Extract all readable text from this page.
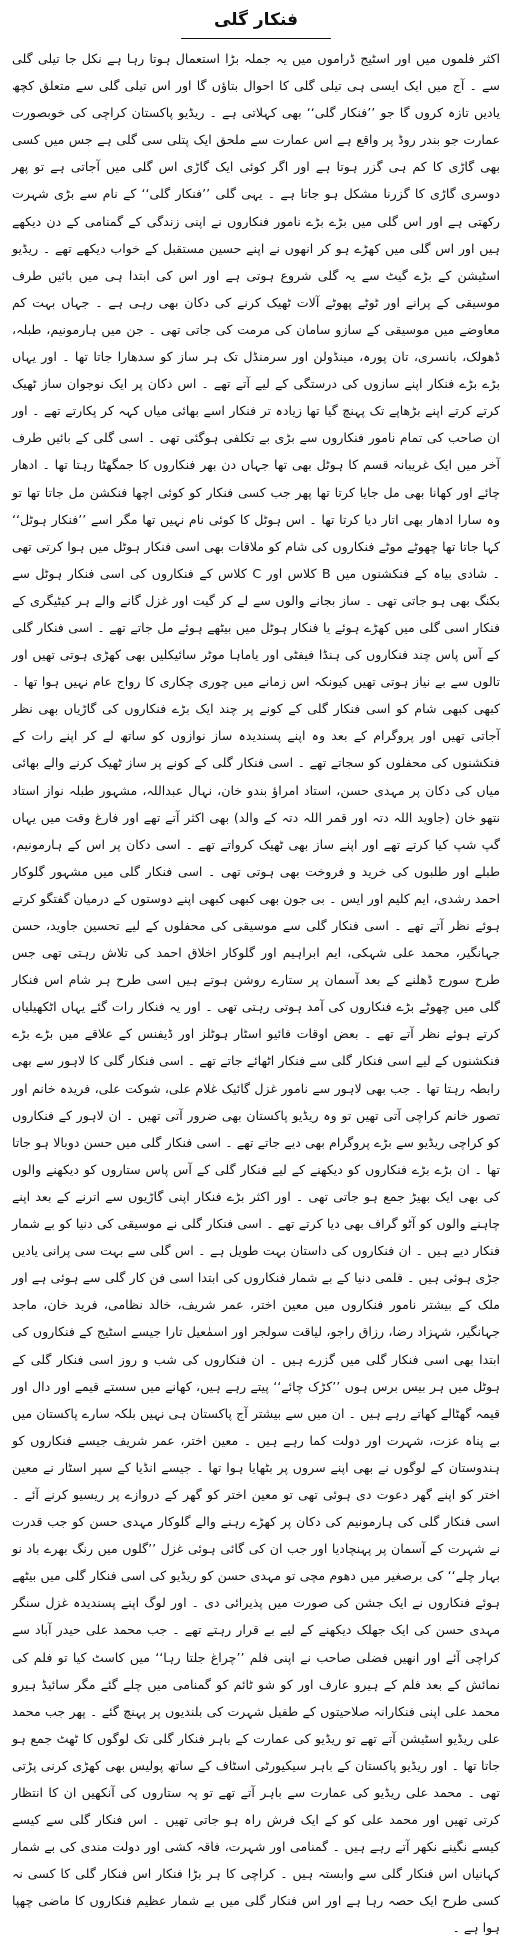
فنکار گلی

اکثر فلموں میں اور اسٹیج ڈراموں میں یہ جملہ بڑا استعمال ہوتا رہا ہے نکل جا تیلی گلی سے ۔ آج میں ایک ایسی ہی تیلی گلی کا احوال بتاؤں گا اور اس تیلی گلی سے متعلق کچھ یادیں تازہ کروں گا جو ’’فنکار گلی‘‘ بھی کہلاتی ہے ۔ ریڈیو پاکستان کراچی کی خوبصورت عمارت جو بندر روڈ پر واقع ہے اس عمارت سے ملحق ایک پتلی سی گلی ہے جس میں کسی بھی گاڑی کا کم ہی گزر ہوتا ہے اور اگر کوئی ایک گاڑی اس گلی میں آجاتی ہے تو پھر دوسری گاڑی کا گزرنا مشکل ہو جاتا ہے ۔ یہی گلی ’’فنکار گلی‘‘ کے نام سے بڑی شہرت رکھتی ہے اور اس گلی میں بڑے بڑے نامور فنکاروں نے اپنی زندگی کے گمنامی کے دن دیکھے ہیں اور اس گلی میں کھڑے ہو کر انھوں نے اپنے حسین مستقبل کے خواب دیکھے تھے ۔ ریڈیو اسٹیشن کے بڑے گیٹ سے یہ گلی شروع ہوتی ہے اور اس کی ابتدا ہی میں بائیں طرف موسیقی کے پرانے اور ٹوٹے پھوٹے آلات ٹھیک کرنے کی دکان بھی رہی ہے ۔ جہاں بہت کم معاوضے میں موسیقی کے سازو سامان کی مرمت کی جاتی تھی ۔ جن میں ہارمونیم، طبلہ، ڈھولک، بانسری، تان پورہ، مینڈولن اور سرمنڈل تک ہر ساز کو سدھارا جاتا تھا ۔ اور یہاں بڑے بڑے فنکار اپنے سازوں کی درستگی کے لیے آتے تھے ۔ اس دکان پر ایک نوجوان ساز ٹھیک کرتے کرتے اپنے بڑھاپے تک پہنچ گیا تھا زیادہ تر فنکار اسے بھائی میاں کہہ کر پکارتے تھے ۔ اور ان صاحب کی تمام نامور فنکاروں سے بڑی بے تکلفی ہوگئی تھی ۔ اسی گلی کے بائیں طرف آخر میں ایک غریبانہ قسم کا ہوٹل بھی تھا جہاں دن بھر فنکاروں کا جمگھٹا رہتا تھا ۔ ادھار چائے اور کھانا بھی مل جایا کرتا تھا پھر جب کسی فنکار کو کوئی اچھا فنکشن مل جاتا تھا تو وہ سارا ادھار بھی اتار دیا کرتا تھا ۔ اس ہوٹل کا کوئی نام نہیں تھا مگر اسے ’’فنکار ہوٹل‘‘ کہا جاتا تھا چھوٹے موٹے فنکاروں کی شام کو ملاقات بھی اسی فنکار ہوٹل میں ہوا کرتی تھی ۔ شادی بیاہ کے فنکشنوں میں B کلاس اور C کلاس کے فنکاروں کی اسی فنکار ہوٹل سے بکنگ بھی ہو جاتی تھی ۔ ساز بجانے والوں سے لے کر گیت اور غزل گانے والے ہر کیٹیگری کے فنکار اسی گلی میں کھڑے ہوئے یا فنکار ہوٹل میں بیٹھے ہوئے مل جاتے تھے ۔ اسی فنکار گلی کے آس پاس چند فنکاروں کی ہنڈا فیفٹی اور یاماہا موٹر سائیکلیں بھی کھڑی ہوتی تھیں اور تالوں سے بے نیاز ہوتی تھیں کیونکہ اس زمانے میں چوری چکاری کا رواج عام نہیں ہوا تھا ۔ کبھی کبھی شام کو اسی فنکار گلی کے کونے پر چند ایک بڑے فنکاروں کی گاڑیاں بھی نظر آجاتی تھیں اور پروگرام کے بعد وہ اپنے پسندیدہ ساز نوازوں کو ساتھ لے کر اپنے رات کے فنکشنوں کی محفلوں کو سجاتے تھے ۔ اسی فنکار گلی کے کونے پر ساز ٹھیک کرنے والے بھائی میاں کی دکان پر مہدی حسن، استاد امراؤ بندو خان، نہال عبداللہ، مشہور طبلہ نواز استاد نتھو خان (جاوید اللہ دتہ اور قمر اللہ دتہ کے والد) بھی اکثر آتے تھے اور فارغ وقت میں یہاں گپ شپ کیا کرتے تھے اور اپنے ساز بھی ٹھیک کرواتے تھے ۔ اسی دکان پر اس کے ہارمونیم، طبلے اور طلبوں کی خرید و فروخت بھی ہوتی تھی ۔ اسی فنکار گلی میں مشہور گلوکار احمد رشدی، ایم کلیم اور ایس ۔ بی جون بھی کبھی کبھی اپنے دوستوں کے درمیان گفتگو کرتے ہوئے نظر آتے تھے ۔ اسی فنکار گلی سے موسیقی کی محفلوں کے لیے تحسین جاوید، حسن جہانگیر، محمد علی شہکی، ایم ابراہیم اور گلوکار اخلاق احمد کی تلاش رہتی تھی جس طرح سورج ڈھلنے کے بعد آسمان پر ستارے روشن ہوتے ہیں اسی طرح ہر شام اس فنکار گلی میں چھوٹے بڑے فنکاروں کی آمد ہوتی رہتی تھی ۔ اور یہ فنکار رات گئے یہاں اٹکھیلیاں کرتے ہوئے نظر آتے تھے ۔ بعض اوقات فائیو اسٹار ہوٹلز اور ڈیفنس کے علاقے میں بڑے بڑے فنکشنوں کے لیے اسی فنکار گلی سے فنکار اٹھائے جاتے تھے ۔ اسی فنکار گلی کا لاہور سے بھی رابطہ رہتا تھا ۔ جب بھی لاہور سے نامور غزل گائیک غلام علی، شوکت علی، فریدہ خانم اور تصور خانم کراچی آتی تھیں تو وہ ریڈیو پاکستان بھی ضرور آتی تھیں ۔ ان لاہور کے فنکاروں کو کراچی ریڈیو سے بڑے پروگرام بھی دیے جاتے تھے ۔ اسی فنکار گلی میں حسن دوبالا ہو جاتا تھا ۔ ان بڑے بڑے فنکاروں کو دیکھنے کے لیے فنکار گلی کے آس پاس ستاروں کو دیکھنے والوں کی بھی ایک بھیڑ جمع ہو جاتی تھی ۔ اور اکثر بڑے فنکار اپنی گاڑیوں سے اترنے کے بعد اپنے چاہنے والوں کو آٹو گراف بھی دیا کرتے تھے ۔ اسی فنکار گلی نے موسیقی کی دنیا کو بے شمار فنکار دیے ہیں ۔ ان فنکاروں کی داستان بہت طویل ہے ۔ اس گلی سے بہت سی پرانی یادیں جڑی ہوئی ہیں ۔ فلمی دنیا کے بے شمار فنکاروں کی ابتدا اسی فن کار گلی سے ہوئی ہے اور ملک کے بیشتر نامور فنکاروں میں معین اختر، عمر شریف، خالد نظامی، فرید خان، ماجد جہانگیر، شہزاد رضا، رزاق راجو، لیاقت سولجر اور اسمٰعیل تارا جیسے اسٹیج کے فنکاروں کی ابتدا بھی اسی فنکار گلی میں گزرے ہیں ۔ ان فنکاروں کی شب و روز اسی فنکار گلی کے ہوٹل میں ہر بیس برس ہوں ’’کڑک چائے‘‘ پیتے رہے ہیں، کھانے میں سستے قیمے اور دال اور قیمہ گھٹالے کھاتے رہے ہیں ۔ ان میں سے بیشتر آج پاکستان ہی نہیں بلکہ سارے پاکستان میں بے پناہ عزت، شہرت اور دولت کما رہے ہیں ۔ معین اختر، عمر شریف جیسے فنکاروں کو ہندوستان کے لوگوں نے بھی اپنے سروں پر بٹھایا ہوا تھا ۔ جیسے انڈیا کے سپر اسٹار نے معین اختر کو اپنے گھر دعوت دی ہوئی تھی تو معین اختر کو گھر کے دروازے پر ریسیو کرنے آئے ۔ اسی فنکار گلی کی ہارمونیم کی دکان پر کھڑے رہنے والے گلوکار مہدی حسن کو جب قدرت نے شہرت کے آسمان پر پہنچادیا اور جب ان کی گائی ہوئی غزل ’’گلوں میں رنگ بھرے باد نو بہار چلے‘‘ کی برصغیر میں دھوم مچی تو مہدی حسن کو ریڈیو کی اسی فنکار گلی میں بیٹھے ہوئے فنکاروں نے ایک جشن کی صورت میں پذیرائی دی ۔ اور لوگ اپنے پسندیدہ غزل سنگر مہدی حسن کی ایک جھلک دیکھنے کے لیے بے قرار رہتے تھے ۔ جب محمد علی حیدر آباد سے کراچی آئے اور انھیں فضلی صاحب نے اپنی فلم ’’چراغ جلتا رہا‘‘ میں کاسٹ کیا تو فلم کی نمائش کے بعد فلم کے ہیرو عارف اور کو شو ٹائم کو گمنامی میں چلے گئے مگر سائیڈ ہیرو محمد علی اپنی فنکارانہ صلاحیتوں کے طفیل شہرت کی بلندیوں پر پہنچ گئے ۔ پھر جب محمد علی ریڈیو اسٹیشن آتے تھے تو ریڈیو کی عمارت کے باہر فنکار گلی تک لوگوں کا ٹھٹ جمع ہو جاتا تھا ۔ اور ریڈیو پاکستان کے باہر سیکیورٹی اسٹاف کے ساتھ پولیس بھی کھڑی کرنی پڑتی تھی ۔ محمد علی ریڈیو کی عمارت سے باہر آتے تھے تو پہ ستاروں کی آنکھیں ان کا انتظار کرتی تھیں اور محمد علی کو کے ایک فرش راہ ہو جاتی تھیں ۔ اس فنکار گلی سے کیسے کیسے نگینے نکھر آتے رہے ہیں ۔ گمنامی اور شہرت، فاقہ کشی اور دولت مندی کی بے شمار کہانیاں اس فنکار گلی سے وابستہ ہیں ۔ کراچی کا ہر بڑا فنکار اس فنکار گلی کا کسی نہ کسی طرح ایک حصہ رہا ہے اور اس فنکار گلی میں بے شمار عظیم فنکاروں کا ماضی چھپا ہوا ہے ۔
